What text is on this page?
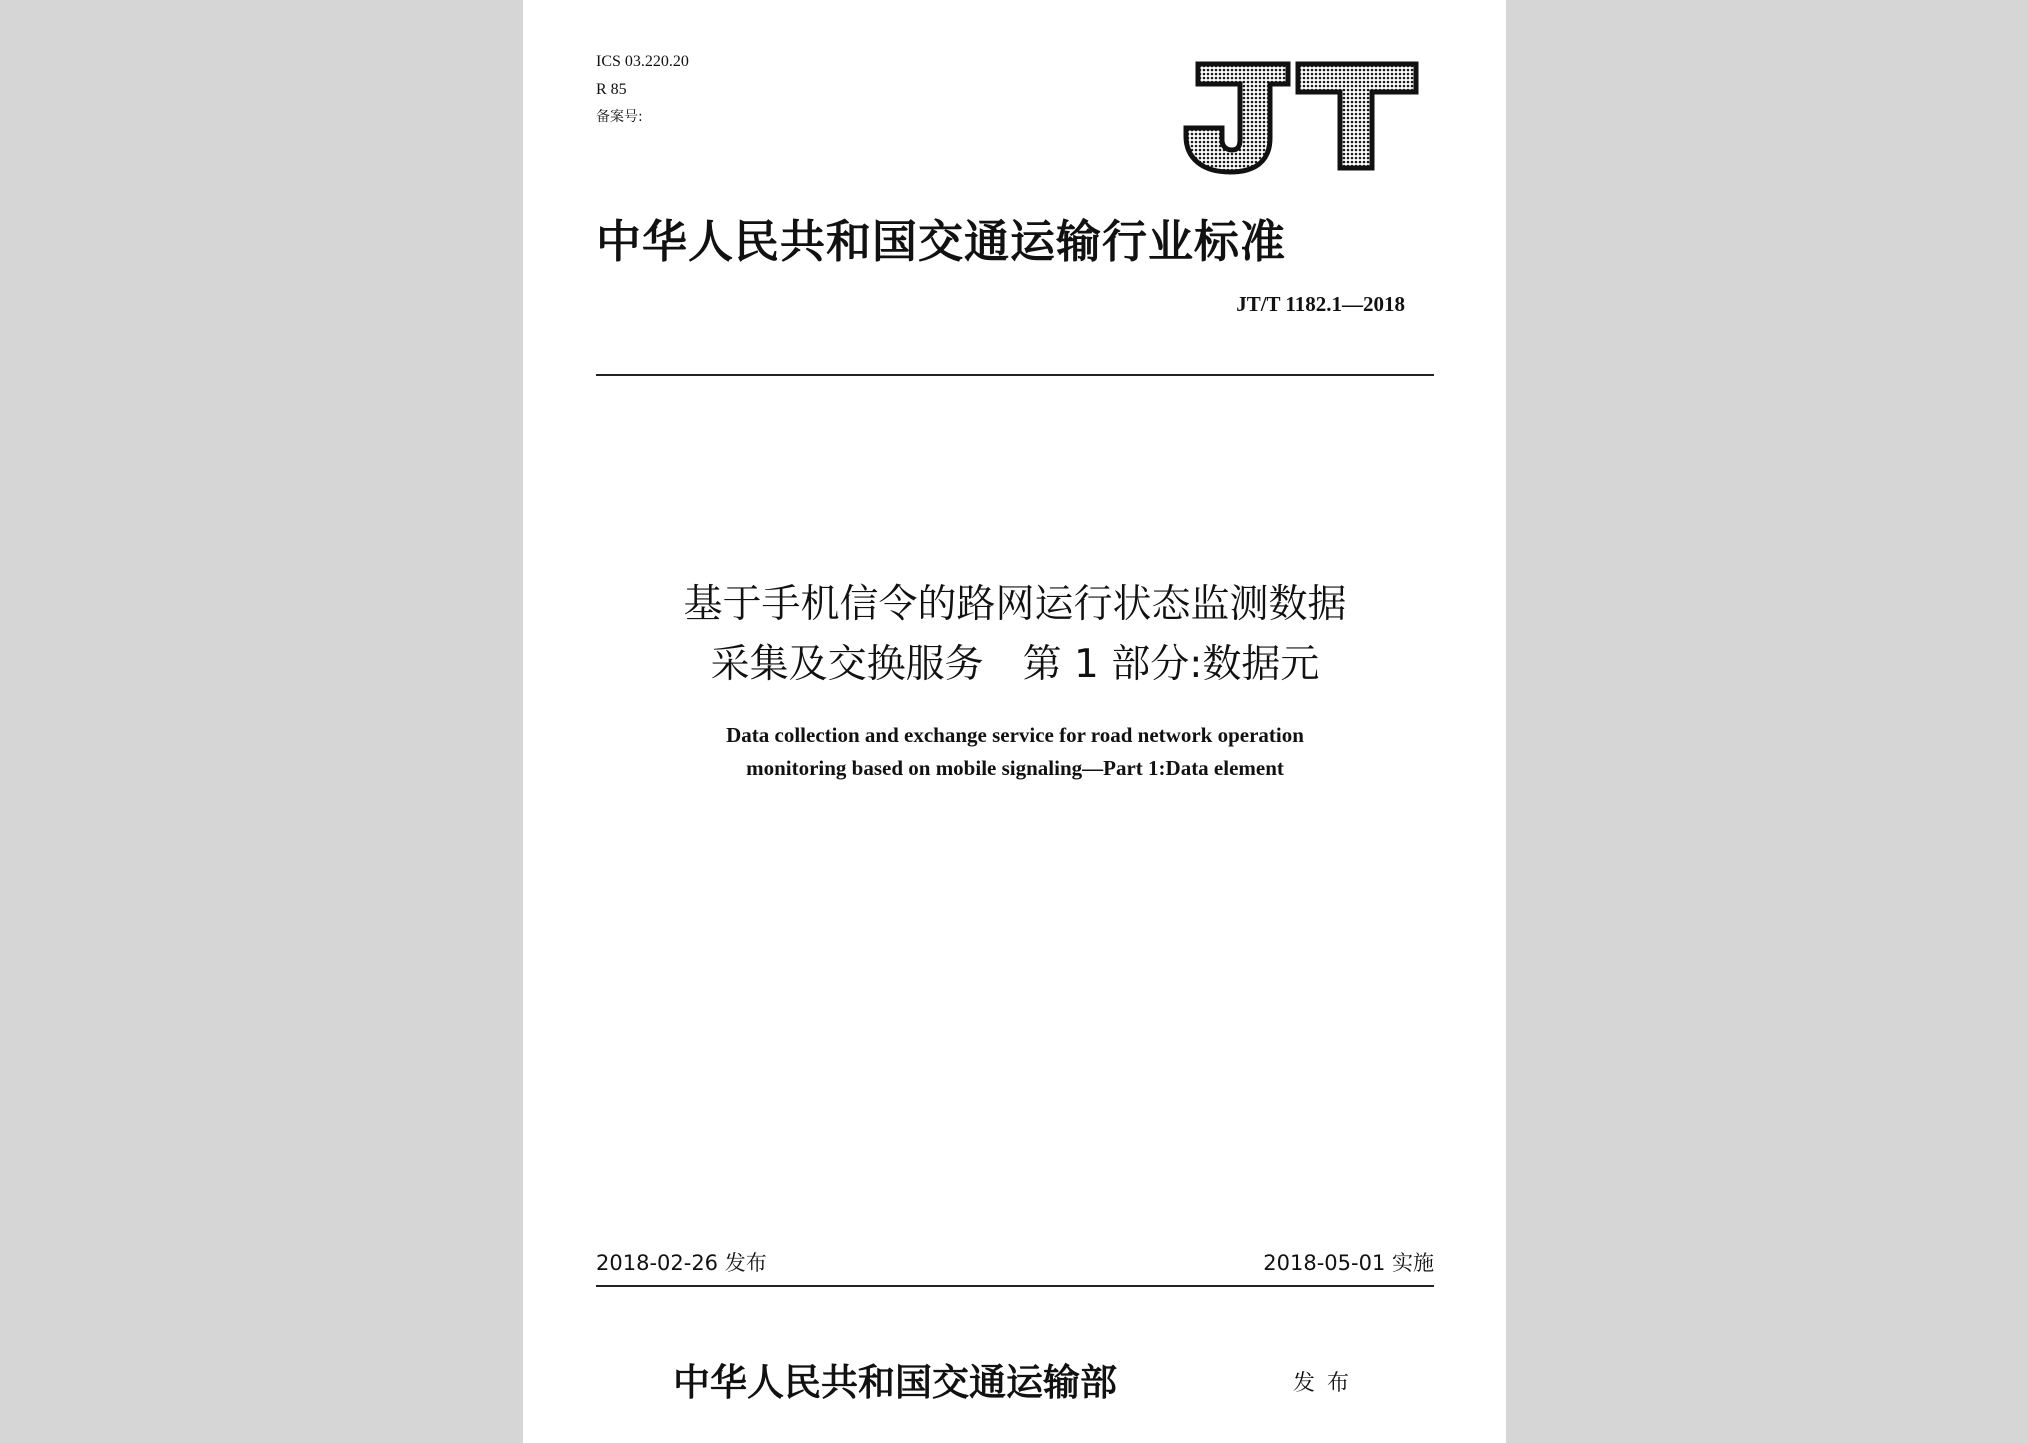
ICS 03.220.20
R 85
备案号:
中华人民共和国交通运输行业标准
JT/T 1182.1—2018
基于手机信令的路网运行状态监测数据
采集及交换服务　第 1 部分:数据元
Data collection and exchange service for road network operation
monitoring based on mobile signaling—Part 1:Data element
2018-02-26 发布	2018-05-01 实施
中华人民共和国交通运输部	发布
